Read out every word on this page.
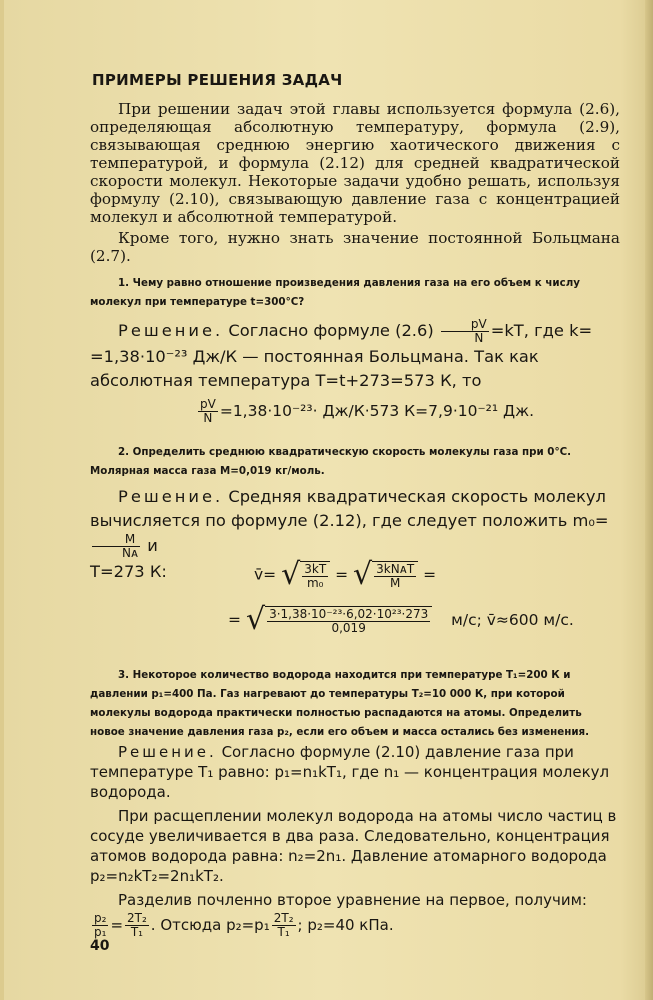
ПРИМЕРЫ РЕШЕНИЯ ЗАДАЧ

При решении задач этой главы используется формула (2.6), определяющая абсолютную температуру, формула (2.9), связывающая среднюю энергию хаотического движения с температурой, и формула (2.12) для средней квадратической скорости молекул. Некоторые задачи удобно решать, используя формулу (2.10), связывающую давление газа с концентрацией молекул и абсолютной температурой.

Кроме того, нужно знать значение постоянной Больцмана (2.7).

1. Чему равно отношение произведения давления газа на его объем к числу молекул при температуре t=300°C?
Решение. Согласно формуле $(2.6) \frac{pV}{N} =kT$, где k=
=1,38·10⁻²³ Дж/К — постоянная Больцмана. Так как абсолютная температура T=t+273=573 К, то
$\frac{pV}{N} =1,38\cdot 10^{-23}\cdot Дж/К\cdot 573$ К=7,9·10⁻²¹ Дж.
2. Определить среднюю квадратическую скорость молекулы газа при 0°C. Молярная масса газа M=0,019 кг/моль.
Решение. Средняя квадратическая скорость молекул вычисляется по формуле (2.12), где следует положить m₀=
$\frac{M}{\text{Nᴀ}}$ и
T=273 К:	v̄= √ $\frac{3kT}{\text{m₀}}$ = √ $\frac{\text{3kNᴀT}}{M}$ =
= √ $\frac{\text{3·1,38·10⁻²³·6,02·10²³·273}}{0,019} м/с$; v̄≈600 м/с.
3. Некоторое количество водорода находится при температуре T₁=200 К и давлении p₁=400 Па. Газ нагревают до температуры T₂=10 000 К, при которой молекулы водорода практически полностью распадаются на атомы. Определить новое значение давления газа p₂, если его объем и масса остались без изменения.
Решение. Согласно формуле (2.10) давление газа при температуре T₁ равно: p₁=n₁kT₁, где n₁ — концентрация молекул водорода.
При расщеплении молекул водорода на атомы число частиц в сосуде увеличивается в два раза. Следовательно, концентрация атомов водорода равна: n₂=2n₁. Давление атомарного водорода p₂=n₂kT₂=2n₁kT₂.
Разделив почленно второе уравнение на первое, получим:
$\frac{\text{p₂}}{\text{p₁}} = \frac{\text{2T₂}}{\text{T₁}}$ . Отсюда $p_2=p_1 \frac{\text{2T₂}}{\text{T₁}}$ ; p₂=40 кПа.
40
